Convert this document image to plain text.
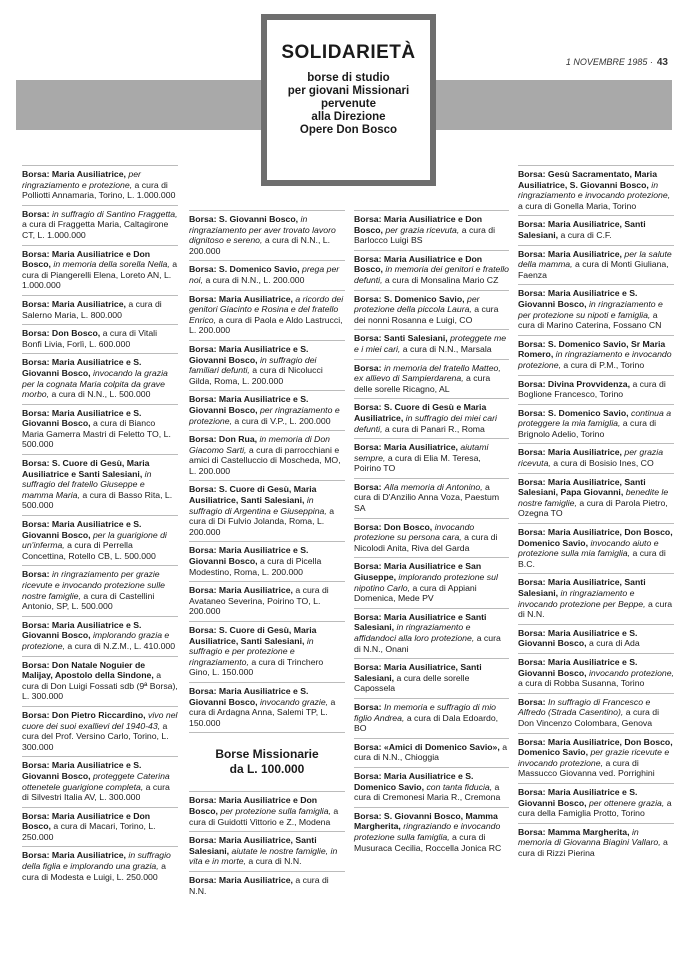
1 NOVEMBRE 1985 · 43
SOLIDARIETÀ
borse di studio
per giovani Missionari
pervenute
alla Direzione
Opere Don Bosco
Borsa: Maria Ausiliatrice, per ringraziamento e protezione, a cura di Polliotti Annamaria, Torino, L. 1.000.000
Borsa: in suffragio di Santino Fraggetta, a cura di Fraggetta Maria, Caltagirone CT, L. 1.000.000
Borsa: Maria Ausiliatrice e Don Bosco, in memoria della sorella Nella, a cura di Piangerelli Elena, Loreto AN, L. 1.000.000
Borsa: Maria Ausiliatrice, a cura di Salerno Maria, L. 800.000
Borsa: Don Bosco, a cura di Vitali Bonfi Livia, Forlì, L. 600.000
Borsa: Maria Ausiliatrice e S. Giovanni Bosco, invocando la grazia per la cognata Maria colpita da grave morbo, a cura di N.N., L. 500.000
Borsa: Maria Ausiliatrice e S. Giovanni Bosco, a cura di Bianco Maria Gamerra Mastri di Feletto TO, L. 500.000
Borsa: S. Cuore di Gesù, Maria Ausiliatrice e Santi Salesiani, in suffragio del fratello Giuseppe e mamma Maria, a cura di Basso Rita, L. 500.000
Borsa: Maria Ausiliatrice e S. Giovanni Bosco, per la guarigione di un'inferma, a cura di Perrella Concettina, Rotello CB, L. 500.000
Borsa: in ringraziamento per grazie ricevute e invocando protezione sulle nostre famiglie, a cura di Castellini Antonio, SP, L. 500.000
Borsa: Maria Ausiliatrice e S. Giovanni Bosco, implorando grazia e protezione, a cura di N.Z.M., L. 410.000
Borsa: Don Natale Noguier de Malijay, Apostolo della Sindone, a cura di Don Luigi Fossati sdb (9ª Borsa), L. 300.000
Borsa: Don Pietro Riccardino, vivo nel cuore dei suoi exallievi del 1940-43, a cura del Prof. Versino Carlo, Torino, L. 300.000
Borsa: Maria Ausiliatrice e S. Giovanni Bosco, proteggete Caterina ottenetele guarigione completa, a cura di Silvestri Italia AV, L. 300.000
Borsa: Maria Ausiliatrice e Don Bosco, a cura di Macari, Torino, L. 250.000
Borsa: Maria Ausiliatrice, in suffragio della figlia e implorando una grazia, a cura di Modesta e Luigi, L. 250.000
Borsa: S. Giovanni Bosco, in ringraziamento per aver trovato lavoro dignitoso e sereno, a cura di N.N., L. 200.000
Borsa: S. Domenico Savio, prega per noi, a cura di N.N., L. 200.000
Borsa: Maria Ausiliatrice, a ricordo dei genitori Giacinto e Rosina e del fratello Enrico, a cura di Paola e Aldo Lastrucci, L. 200.000
Borsa: Maria Ausiliatrice e S. Giovanni Bosco, in suffragio dei familiari defunti, a cura di Nicolucci Gilda, Roma, L. 200.000
Borsa: Maria Ausiliatrice e S. Giovanni Bosco, per ringraziamento e protezione, a cura di V.P., L. 200.000
Borsa: Don Rua, in memoria di Don Giacomo Sarti, a cura di parrocchiani e amici di Castelluccio di Moscheda, MO, L. 200.000
Borsa: S. Cuore di Gesù, Maria Ausiliatrice, Santi Salesiani, in suffragio di Argentina e Giuseppina, a cura di Di Fulvio Jolanda, Roma, L. 200.000
Borsa: Maria Ausiliatrice e S. Giovanni Bosco, a cura di Picella Modestino, Roma, L. 200.000
Borsa: Maria Ausiliatrice, a cura di Avataneo Severina, Poirino TO, L. 200.000
Borsa: S. Cuore di Gesù, Maria Ausiliatrice, Santi Salesiani, in suffragio e per protezione e ringraziamento, a cura di Trinchero Gino, L. 150.000
Borsa: Maria Ausiliatrice e S. Giovanni Bosco, invocando grazie, a cura di Ardagna Anna, Salemi TP, L. 150.000
Borse Missionarie
da L. 100.000
Borsa: Maria Ausiliatrice e Don Bosco, per protezione sulla famiglia, a cura di Guidotti Vittorio e Z., Modena
Borsa: Maria Ausiliatrice, Santi Salesiani, aiutate le nostre famiglie, in vita e in morte, a cura di N.N.
Borsa: Maria Ausiliatrice, a cura di N.N.
Borsa: Maria Ausiliatrice e Don Bosco, per grazia ricevuta, a cura di Barlocco Luigi BS
Borsa: Maria Ausiliatrice e Don Bosco, in memoria dei genitori e fratello defunti, a cura di Monsalina Mario CZ
Borsa: S. Domenico Savio, per protezione della piccola Laura, a cura dei nonni Rosanna e Luigi, CO
Borsa: Santi Salesiani, proteggete me e i miei cari, a cura di N.N., Marsala
Borsa: in memoria del fratello Matteo, ex allievo di Sampierdarena, a cura delle sorelle Ricagno, AL
Borsa: S. Cuore di Gesù e Maria Ausiliatrice, in suffragio dei miei cari defunti, a cura di Panari R., Roma
Borsa: Maria Ausiliatrice, aiutami sempre, a cura di Elia M. Teresa, Poirino TO
Borsa: Alla memoria di Antonino, a cura di D'Anzilio Anna Voza, Paestum SA
Borsa: Don Bosco, invocando protezione su persona cara, a cura di Nicolodi Anita, Riva del Garda
Borsa: Maria Ausiliatrice e San Giuseppe, implorando protezione sul nipotino Carlo, a cura di Appiani Domenica, Mede PV
Borsa: Maria Ausiliatrice e Santi Salesiani, in ringraziamento e affidandoci alla loro protezione, a cura di N.N., Onani
Borsa: Maria Ausiliatrice, Santi Salesiani, a cura delle sorelle Capossela
Borsa: In memoria e suffragio di mio figlio Andrea, a cura di Dala Edoardo, BO
Borsa: «Amici di Domenico Savio», a cura di N.N., Chioggia
Borsa: Maria Ausiliatrice e S. Domenico Savio, con tanta fiducia, a cura di Cremonesi Maria R., Cremona
Borsa: S. Giovanni Bosco, Mamma Margherita, ringraziando e invocando protezione sulla famiglia, a cura di Musuraca Cecilia, Roccella Jonica RC
Borsa: Gesù Sacramentato, Maria Ausiliatrice, S. Giovanni Bosco, in ringraziamento e invocando protezione, a cura di Gonella Maria, Torino
Borsa: Maria Ausiliatrice, Santi Salesiani, a cura di C.F.
Borsa: Maria Ausiliatrice, per la salute della mamma, a cura di Monti Giuliana, Faenza
Borsa: Maria Ausiliatrice e S. Giovanni Bosco, in ringraziamento e per protezione su nipoti e famiglia, a cura di Marino Caterina, Fossano CN
Borsa: S. Domenico Savio, Sr Maria Romero, in ringraziamento e invocando protezione, a cura di P.M., Torino
Borsa: Divina Provvidenza, a cura di Boglione Francesco, Torino
Borsa: S. Domenico Savio, continua a proteggere la mia famiglia, a cura di Brignolo Adelio, Torino
Borsa: Maria Ausiliatrice, per grazia ricevuta, a cura di Bosisio Ines, CO
Borsa: Maria Ausiliatrice, Santi Salesiani, Papa Giovanni, benedite le nostre famiglie, a cura di Parola Pietro, Ozegna TO
Borsa: Maria Ausiliatrice, Don Bosco, Domenico Savio, invocando aiuto e protezione sulla mia famiglia, a cura di B.C.
Borsa: Maria Ausiliatrice, Santi Salesiani, in ringraziamento e invocando protezione per Beppe, a cura di N.N.
Borsa: Maria Ausiliatrice e S. Giovanni Bosco, a cura di Ada
Borsa: Maria Ausiliatrice e S. Giovanni Bosco, invocando protezione, a cura di Robba Susanna, Torino
Borsa: In suffragio di Francesco e Alfredo (Strada Casentino), a cura di Don Vincenzo Colombara, Genova
Borsa: Maria Ausiliatrice, Don Bosco, Domenico Savio, per grazie ricevute e invocando protezione, a cura di Massucco Giovanna ved. Porrighini
Borsa: Maria Ausiliatrice e S. Giovanni Bosco, per ottenere grazia, a cura della Famiglia Protto, Torino
Borsa: Mamma Margherita, in memoria di Giovanna Biagini Vallaro, a cura di Rizzi Pierina
